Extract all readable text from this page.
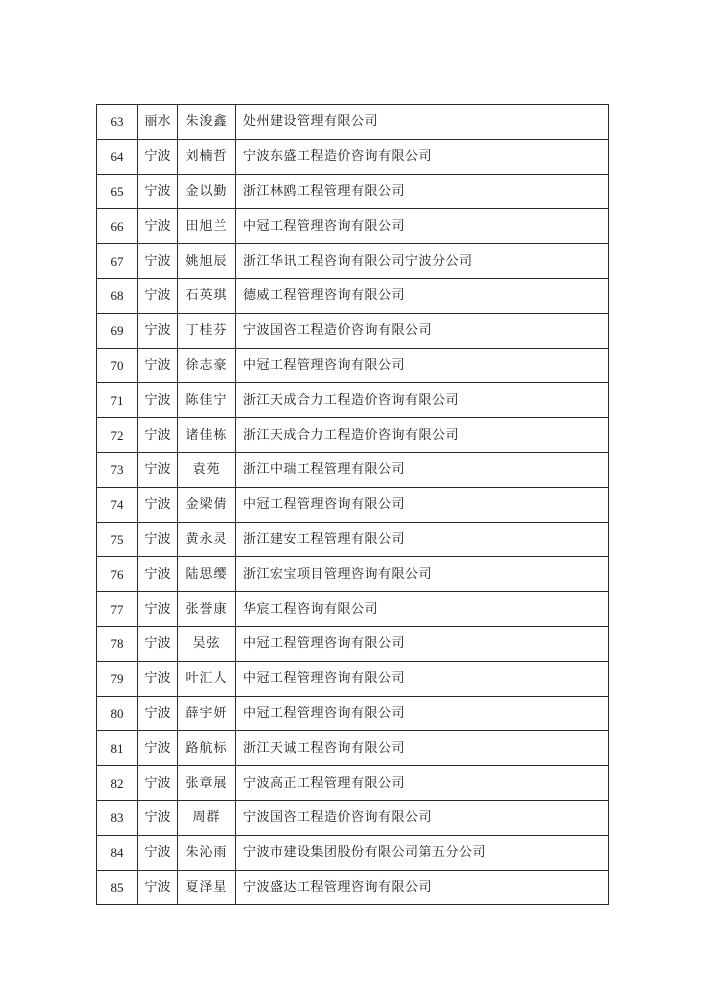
63	丽水	朱浚鑫	处州建设管理有限公司
64	宁波	刘楠哲	宁波东盛工程造价咨询有限公司
65	宁波	金以勤	浙江林鸥工程管理有限公司
66	宁波	田旭兰	中冠工程管理咨询有限公司
67	宁波	姚旭辰	浙江华讯工程咨询有限公司宁波分公司
68	宁波	石英琪	德威工程管理咨询有限公司
69	宁波	丁桂芬	宁波国咨工程造价咨询有限公司
70	宁波	徐志豪	中冠工程管理咨询有限公司
71	宁波	陈佳宁	浙江天成合力工程造价咨询有限公司
72	宁波	诸佳栋	浙江天成合力工程造价咨询有限公司
73	宁波	袁苑	浙江中瑞工程管理有限公司
74	宁波	金梁倩	中冠工程管理咨询有限公司
75	宁波	黄永灵	浙江建安工程管理有限公司
76	宁波	陆思缨	浙江宏宝项目管理咨询有限公司
77	宁波	张誉康	华宸工程咨询有限公司
78	宁波	吴弦	中冠工程管理咨询有限公司
79	宁波	叶汇人	中冠工程管理咨询有限公司
80	宁波	薛宇妍	中冠工程管理咨询有限公司
81	宁波	路航标	浙江天诚工程咨询有限公司
82	宁波	张章展	宁波高正工程管理有限公司
83	宁波	周群	宁波国咨工程造价咨询有限公司
84	宁波	朱沁雨	宁波市建设集团股份有限公司第五分公司
85	宁波	夏泽星	宁波盛达工程管理咨询有限公司
